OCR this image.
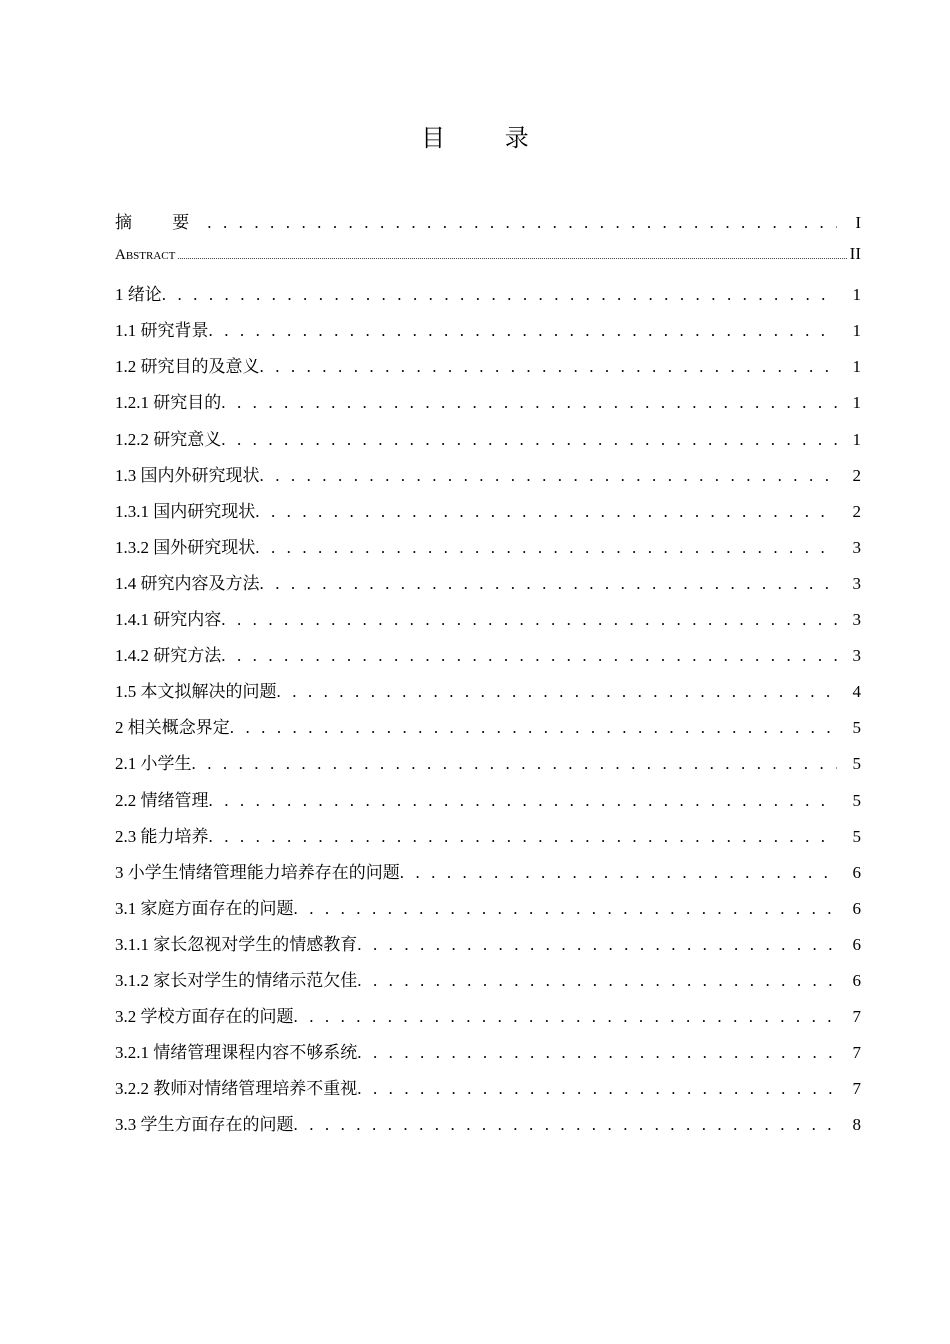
目 录
摘 要 . . .	I
Abstract .....	II
1 绪论 . . .	1
1.1 研究背景 . . .	1
1.2 研究目的及意义 . . .	1
1.2.1 研究目的 . . .	1
1.2.2 研究意义 . . .	1
1.3 国内外研究现状 . . .	2
1.3.1 国内研究现状 . . .	2
1.3.2 国外研究现状 . . .	3
1.4 研究内容及方法 . . .	3
1.4.1 研究内容 . . .	3
1.4.2 研究方法 . . .	3
1.5 本文拟解决的问题 . . .	4
2 相关概念界定 . . .	5
2.1 小学生 . . .	5
2.2 情绪管理 . . .	5
2.3 能力培养 . . .	5
3 小学生情绪管理能力培养存在的问题 . . .	6
3.1 家庭方面存在的问题 . . .	6
3.1.1 家长忽视对学生的情感教育 . . .	6
3.1.2 家长对学生的情绪示范欠佳 . . .	6
3.2 学校方面存在的问题 . . .	7
3.2.1 情绪管理课程内容不够系统 . . .	7
3.2.2 教师对情绪管理培养不重视 . . .	7
3.3 学生方面存在的问题 . . .	8
